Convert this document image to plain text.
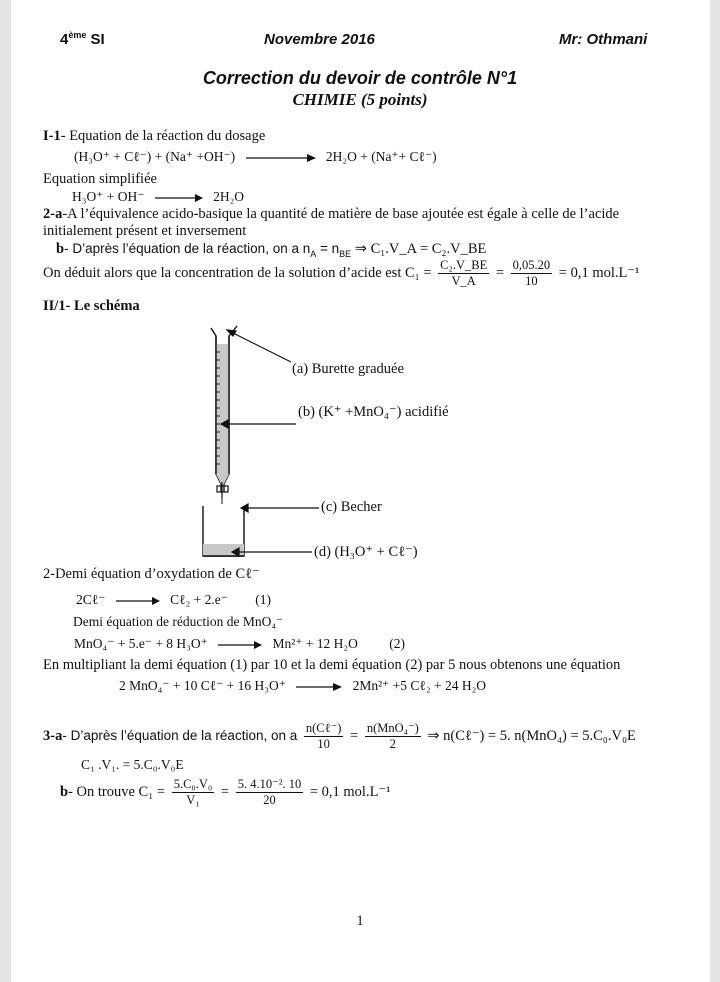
4ème SI	Novembre 2016	Mr: Othmani
Correction du devoir de contrôle N°1
CHIMIE (5 points)
I-1- Equation de la réaction du dosage
(H₃O⁺ + Cℓ⁻) + (Na⁺ +OH⁻)	2H₂O + (Na⁺+ Cℓ⁻)
Equation simplifiée
H₃O⁺ + OH⁻ → 2H₂O
2-a-A l’équivalence acido-basique la quantité de matière de base ajoutée est égale à celle de l’acide
initialement présent et inversement
b- D’après l’équation de la réaction, on a $n_A = n_{BE}$ ⇒ C₁.V_A = C₂.V_BE
On déduit alors que la concentration de la solution d’acide est $C_1 = \frac{\text{C₂.V\_BE}}{V\_A} = \frac{0,05.20}{10} = 0,1$ mol.L⁻¹
II/1- Le schéma
(a) Burette graduée
(b) (K⁺ +MnO₄⁻) acidifié
(c) Becher
(d) (H₃O⁺ + Cℓ⁻)
2-Demi équation d’oxydation de Cℓ⁻
2Cℓ⁻ → Cℓ₂ + 2.e⁻ (1)
Demi équation de réduction de MnO₄⁻
MnO₄⁻ + 5.e⁻ + 8 H₃O⁺ → Mn²⁺ + 12 H₂O (2)
En multipliant la demi équation (1) par 10 et la demi équation (2) par 5 nous obtenons une équation
2 MnO₄⁻ + 10 Cℓ⁻ + 16 H₃O⁺ → 2Mn²⁺ +5 Cℓ₂ + 24 H₂O
3-a- D’après l’équation de la réaction, on a $\frac{\text{n(Cℓ⁻)}}{10} = \frac{\text{n(MnO₄⁻)}}{2}$ ⇒ n(Cℓ⁻) = 5. n(MnO₄) = 5.C₀.V₀E
C₁ .V₁. = 5.C₀.V₀E
b- On trouve $C_1 = \frac{\text{5.C₀.V₀}}{\text{V₁}} = \frac{\text{5. 4.10⁻². 10}}{20} = 0,1$ mol.L⁻¹
1
